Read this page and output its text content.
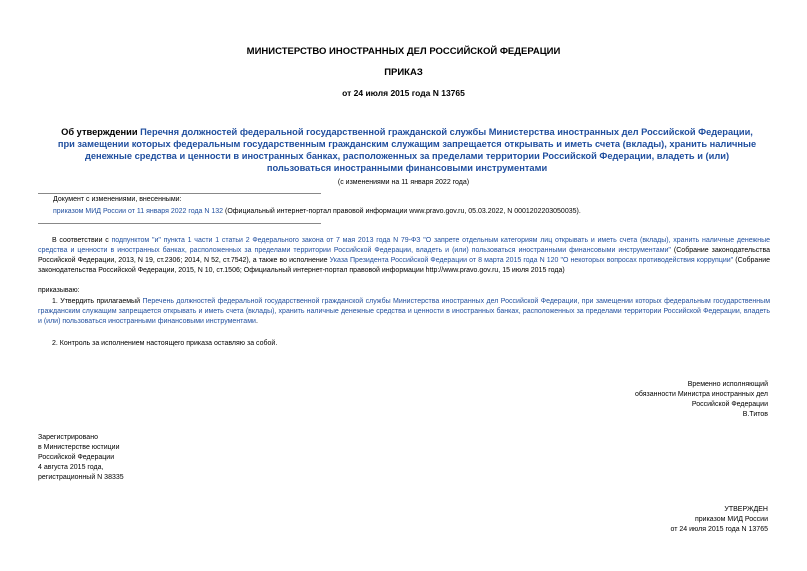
МИНИСТЕРСТВО ИНОСТРАННЫХ ДЕЛ РОССИЙСКОЙ ФЕДЕРАЦИИ
ПРИКАЗ
от 24 июля 2015 года N 13765
Об утверждении Перечня должностей федеральной государственной гражданской службы Министерства иностранных дел Российской Федерации, при замещении которых федеральным государственным гражданским служащим запрещается открывать и иметь счета (вклады), хранить наличные денежные средства и ценности в иностранных банках, расположенных за пределами территории Российской Федерации, владеть и (или) пользоваться иностранными финансовыми инструментами
(с изменениями на 11 января 2022 года)
Документ с изменениями, внесенными:
приказом МИД России от 11 января 2022 года N 132 (Официальный интернет-портал правовой информации www.pravo.gov.ru, 05.03.2022, N 0001202203050035).
В соответствии с подпунктом "и" пункта 1 части 1 статьи 2 Федерального закона от 7 мая 2013 года N 79-ФЗ "О запрете отдельным категориям лиц открывать и иметь счета (вклады), хранить наличные денежные средства и ценности в иностранных банках, расположенных за пределами территории Российской Федерации, владеть и (или) пользоваться иностранными финансовыми инструментами" (Собрание законодательства Российской Федерации, 2013, N 19, ст.2306; 2014, N 52, ст.7542), а также во исполнение Указа Президента Российской Федерации от 8 марта 2015 года N 120 "О некоторых вопросах противодействия коррупции" (Собрание законодательства Российской Федерации, 2015, N 10, ст.1506; Официальный интернет-портал правовой информации http://www.pravo.gov.ru, 15 июля 2015 года)
приказываю:
1. Утвердить прилагаемый Перечень должностей федеральной государственной гражданской службы Министерства иностранных дел Российской Федерации, при замещении которых федеральным государственным гражданским служащим запрещается открывать и иметь счета (вклады), хранить наличные денежные средства и ценности в иностранных банках, расположенных за пределами территории Российской Федерации, владеть и (или) пользоваться иностранными финансовыми инструментами.
2. Контроль за исполнением настоящего приказа оставляю за собой.
Временно исполняющий
обязанности Министра иностранных дел
Российской Федерации
В.Титов
Зарегистрировано
в Министерстве юстиции
Российской Федерации
4 августа 2015 года,
регистрационный N 38335
УТВЕРЖДЕН
приказом МИД России
от 24 июля 2015 года N 13765
